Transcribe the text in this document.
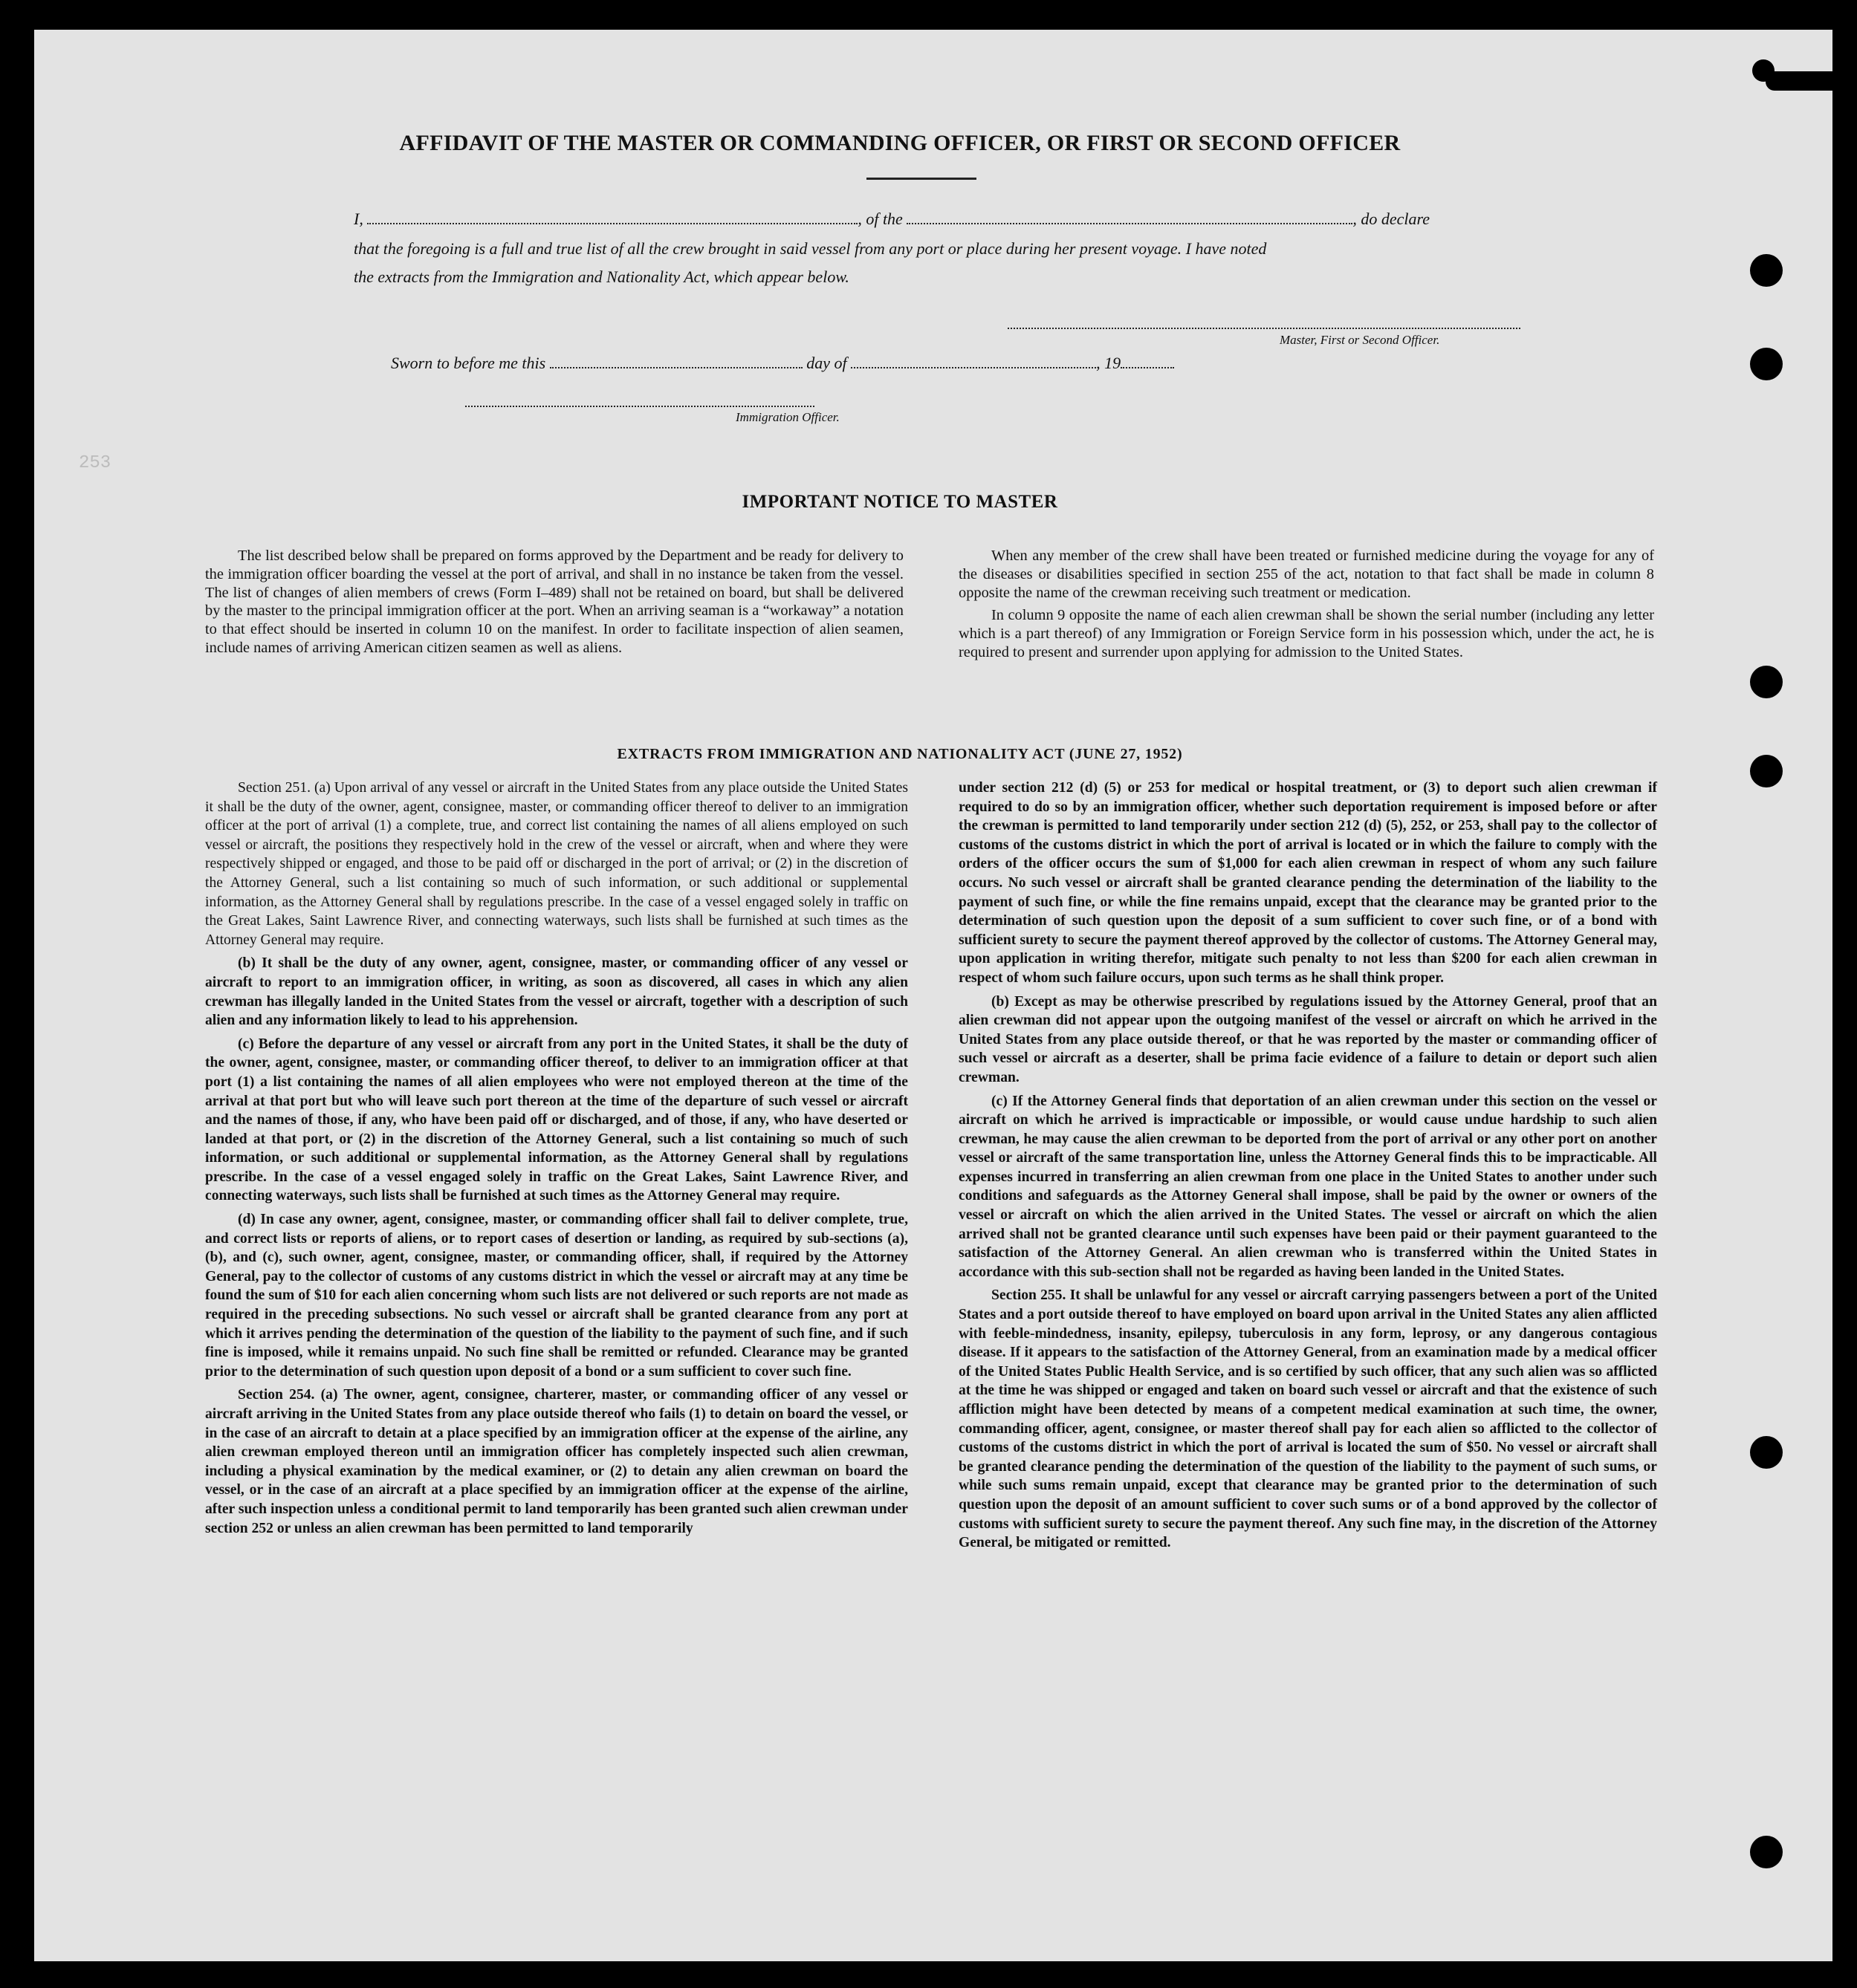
AFFIDAVIT OF THE MASTER OR COMMANDING OFFICER, OR FIRST OR SECOND OFFICER
I,	, of the	, do declare
that the foregoing is a full and true list of all the crew brought in said vessel from any port or place during her present voyage. I have noted
the extracts from the Immigration and Nationality Act, which appear below.
Master, First or Second Officer.
Sworn to before me this	day of	, 19
Immigration Officer.
253
IMPORTANT NOTICE TO MASTER

The list described below shall be prepared on forms approved by the Department and be ready for delivery to the immigration officer boarding the vessel at the port of arrival, and shall in no instance be taken from the vessel. The list of changes of alien members of crews (Form I–489) shall not be retained on board, but shall be delivered by the master to the principal immigration officer at the port. When an arriving seaman is a “workaway” a notation to that effect should be inserted in column 10 on the manifest. In order to facilitate inspection of alien seamen, include names of arriving American citizen seamen as well as aliens.

When any member of the crew shall have been treated or furnished medicine during the voyage for any of the diseases or disabilities specified in section 255 of the act, notation to that fact shall be made in column 8 opposite the name of the crewman receiving such treatment or medication.

In column 9 opposite the name of each alien crewman shall be shown the serial number (including any letter which is a part thereof) of any Immigration or Foreign Service form in his possession which, under the act, he is required to present and surrender upon applying for admission to the United States.

EXTRACTS FROM IMMIGRATION AND NATIONALITY ACT (JUNE 27, 1952)

Section 251. (a) Upon arrival of any vessel or aircraft in the United States from any place outside the United States it shall be the duty of the owner, agent, consignee, master, or commanding officer thereof to deliver to an immigration officer at the port of arrival (1) a complete, true, and correct list containing the names of all aliens employed on such vessel or aircraft, the positions they respectively hold in the crew of the vessel or aircraft, when and where they were respectively shipped or engaged, and those to be paid off or discharged in the port of arrival; or (2) in the discretion of the Attorney General, such a list containing so much of such information, or such additional or supplemental information, as the Attorney General shall by regulations prescribe. In the case of a vessel engaged solely in traffic on the Great Lakes, Saint Lawrence River, and connecting waterways, such lists shall be furnished at such times as the Attorney General may require.

(b) It shall be the duty of any owner, agent, consignee, master, or commanding officer of any vessel or aircraft to report to an immigration officer, in writing, as soon as discovered, all cases in which any alien crewman has illegally landed in the United States from the vessel or aircraft, together with a description of such alien and any information likely to lead to his apprehension.

(c) Before the departure of any vessel or aircraft from any port in the United States, it shall be the duty of the owner, agent, consignee, master, or commanding officer thereof, to deliver to an immigration officer at that port (1) a list containing the names of all alien employees who were not employed thereon at the time of the arrival at that port but who will leave such port thereon at the time of the departure of such vessel or aircraft and the names of those, if any, who have been paid off or discharged, and of those, if any, who have deserted or landed at that port, or (2) in the discretion of the Attorney General, such a list containing so much of such information, or such additional or supplemental information, as the Attorney General shall by regulations prescribe. In the case of a vessel engaged solely in traffic on the Great Lakes, Saint Lawrence River, and connecting waterways, such lists shall be furnished at such times as the Attorney General may require.

(d) In case any owner, agent, consignee, master, or commanding officer shall fail to deliver complete, true, and correct lists or reports of aliens, or to report cases of desertion or landing, as required by sub-sections (a), (b), and (c), such owner, agent, consignee, master, or commanding officer, shall, if required by the Attorney General, pay to the collector of customs of any customs district in which the vessel or aircraft may at any time be found the sum of $10 for each alien concerning whom such lists are not delivered or such reports are not made as required in the preceding subsections. No such vessel or aircraft shall be granted clearance from any port at which it arrives pending the determination of the question of the liability to the payment of such fine, and if such fine is imposed, while it remains unpaid. No such fine shall be remitted or refunded. Clearance may be granted prior to the determination of such question upon deposit of a bond or a sum sufficient to cover such fine.

Section 254. (a) The owner, agent, consignee, charterer, master, or commanding officer of any vessel or aircraft arriving in the United States from any place outside thereof who fails (1) to detain on board the vessel, or in the case of an aircraft to detain at a place specified by an immigration officer at the expense of the airline, any alien crewman employed thereon until an immigration officer has completely inspected such alien crewman, including a physical examination by the medical examiner, or (2) to detain any alien crewman on board the vessel, or in the case of an aircraft at a place specified by an immigration officer at the expense of the airline, after such inspection unless a conditional permit to land temporarily has been granted such alien crewman under section 252 or unless an alien crewman has been permitted to land temporarily

under section 212 (d) (5) or 253 for medical or hospital treatment, or (3) to deport such alien crewman if required to do so by an immigration officer, whether such deportation requirement is imposed before or after the crewman is permitted to land temporarily under section 212 (d) (5), 252, or 253, shall pay to the collector of customs of the customs district in which the port of arrival is located or in which the failure to comply with the orders of the officer occurs the sum of $1,000 for each alien crewman in respect of whom any such failure occurs. No such vessel or aircraft shall be granted clearance pending the determination of the liability to the payment of such fine, or while the fine remains unpaid, except that the clearance may be granted prior to the determination of such question upon the deposit of a sum sufficient to cover such fine, or of a bond with sufficient surety to secure the payment thereof approved by the collector of customs. The Attorney General may, upon application in writing therefor, mitigate such penalty to not less than $200 for each alien crewman in respect of whom such failure occurs, upon such terms as he shall think proper.

(b) Except as may be otherwise prescribed by regulations issued by the Attorney General, proof that an alien crewman did not appear upon the outgoing manifest of the vessel or aircraft on which he arrived in the United States from any place outside thereof, or that he was reported by the master or commanding officer of such vessel or aircraft as a deserter, shall be prima facie evidence of a failure to detain or deport such alien crewman.

(c) If the Attorney General finds that deportation of an alien crewman under this section on the vessel or aircraft on which he arrived is impracticable or impossible, or would cause undue hardship to such alien crewman, he may cause the alien crewman to be deported from the port of arrival or any other port on another vessel or aircraft of the same transportation line, unless the Attorney General finds this to be impracticable. All expenses incurred in transferring an alien crewman from one place in the United States to another under such conditions and safeguards as the Attorney General shall impose, shall be paid by the owner or owners of the vessel or aircraft on which the alien arrived in the United States. The vessel or aircraft on which the alien arrived shall not be granted clearance until such expenses have been paid or their payment guaranteed to the satisfaction of the Attorney General. An alien crewman who is transferred within the United States in accordance with this sub-section shall not be regarded as having been landed in the United States.

Section 255. It shall be unlawful for any vessel or aircraft carrying passengers between a port of the United States and a port outside thereof to have employed on board upon arrival in the United States any alien afflicted with feeble-mindedness, insanity, epilepsy, tuberculosis in any form, leprosy, or any dangerous contagious disease. If it appears to the satisfaction of the Attorney General, from an examination made by a medical officer of the United States Public Health Service, and is so certified by such officer, that any such alien was so afflicted at the time he was shipped or engaged and taken on board such vessel or aircraft and that the existence of such affliction might have been detected by means of a competent medical examination at such time, the owner, commanding officer, agent, consignee, or master thereof shall pay for each alien so afflicted to the collector of customs of the customs district in which the port of arrival is located the sum of $50. No vessel or aircraft shall be granted clearance pending the determination of the question of the liability to the payment of such sums, or while such sums remain unpaid, except that clearance may be granted prior to the determination of such question upon the deposit of an amount sufficient to cover such sums or of a bond approved by the collector of customs with sufficient surety to secure the payment thereof. Any such fine may, in the discretion of the Attorney General, be mitigated or remitted.
